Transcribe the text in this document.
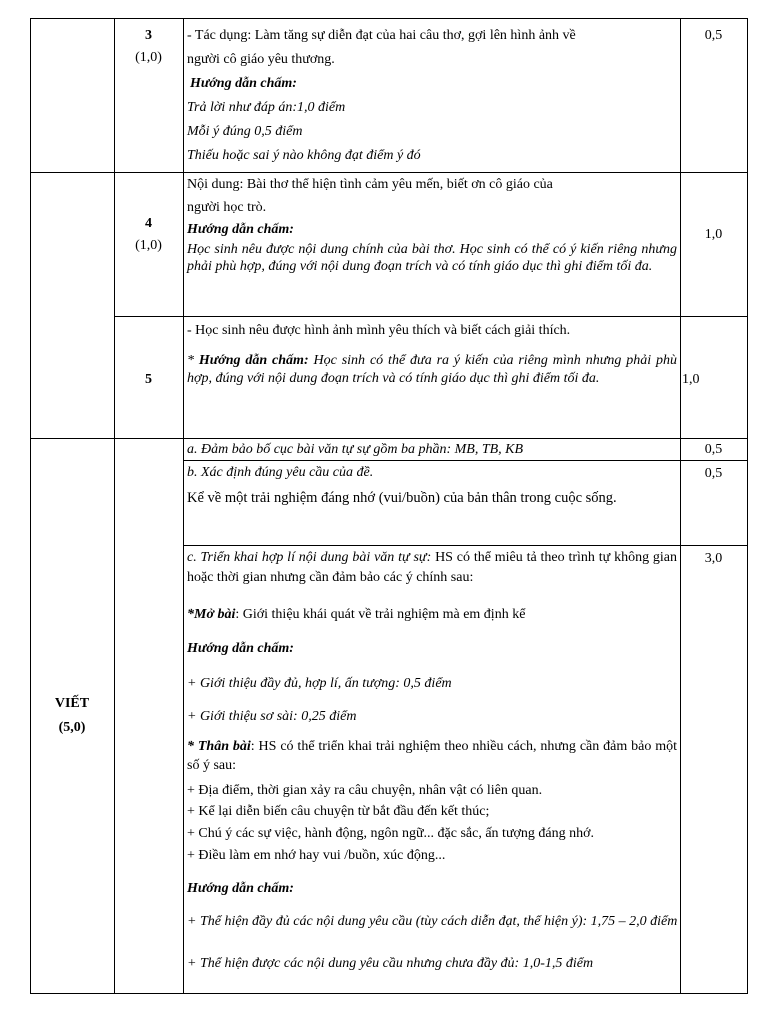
3
(1,0)
- Tác dụng: Làm tăng sự diễn đạt của hai câu thơ, gợi lên hình ảnh về
người cô giáo yêu thương.
Hướng dẫn chấm:
Trả lời như đáp án:1,0 điểm
Mỗi ý đúng 0,5 điểm
Thiếu hoặc sai ý nào không đạt điểm ý đó
0,5
4
(1,0)
Nội dung: Bài thơ thể hiện tình cảm yêu mến, biết ơn cô giáo của
người học trò.
Hướng dẫn chấm:
Học sinh nêu được nội dung chính của bài thơ. Học sinh có thể có ý kiến riêng nhưng phải phù hợp, đúng với nội dung đoạn trích và có tính giáo dục thì ghi điểm tối đa.
1,0
5
- Học sinh nêu được hình ảnh mình yêu thích và biết cách giải thích.
* Hướng dẫn chấm: Học sinh có thể đưa ra ý kiến của riêng mình nhưng phải phù hợp, đúng với nội dung đoạn trích và có tính giáo dục thì ghi điểm tối đa.	1,0
VIẾT
(5,0)
a. Đảm bảo bố cục bài văn tự sự gồm ba phần: MB, TB, KB	0,5
b. Xác định đúng yêu cầu của đề.
Kể về một trải nghiệm đáng nhớ (vui/buồn) của bản thân trong cuộc sống.
0,5
c. Triển khai hợp lí nội dung bài văn tự sự: HS có thể miêu tả theo trình tự không gian hoặc thời gian nhưng cần đảm bảo các ý chính sau:
3,0
*Mở bài: Giới thiệu khái quát về trải nghiệm mà em định kể
Hướng dẫn chấm:
+ Giới thiệu đầy đủ, hợp lí, ấn tượng: 0,5 điểm
+ Giới thiệu sơ sài: 0,25 điểm
* Thân bài: HS có thể triển khai trải nghiệm theo nhiều cách, nhưng cần đảm bảo một số ý sau:
+ Địa điểm, thời gian xảy ra câu chuyện, nhân vật có liên quan.
+ Kể lại diễn biến câu chuyện từ bắt đầu đến kết thúc;
+ Chú ý các sự việc, hành động, ngôn ngữ... đặc sắc, ấn tượng đáng nhớ.
+ Điều làm em nhớ hay vui /buồn, xúc động...
Hướng dẫn chấm:
+ Thể hiện đầy đủ các nội dung yêu cầu (tùy cách diễn đạt, thể hiện ý): 1,75 – 2,0 điểm
+ Thể hiện được các nội dung yêu cầu nhưng chưa đầy đủ: 1,0-1,5 điểm
